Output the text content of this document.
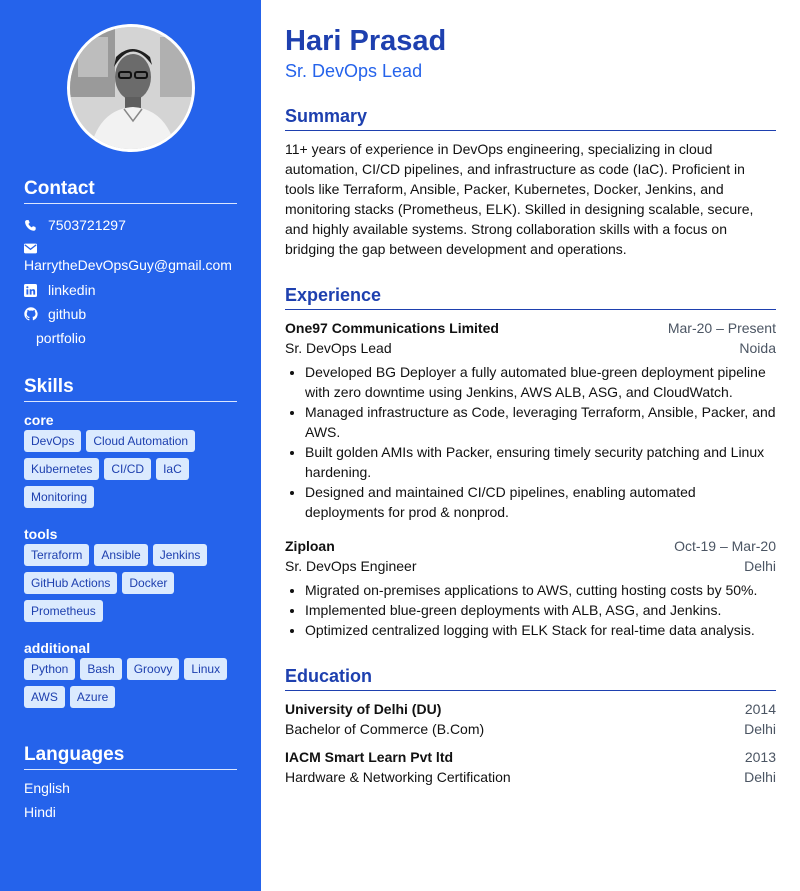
Contact
7503721297
HarrytheDevOpsGuy@gmail.com
linkedin
github
portfolio
Skills
core
DevOps	Cloud Automation
Kubernetes	CI/CD	IaC
Monitoring
tools
Terraform	Ansible	Jenkins
GitHub Actions	Docker
Prometheus
additional
Python	Bash	Groovy	Linux
AWS	Azure
Languages
English
Hindi
Hari Prasad
Sr. DevOps Lead
Summary
11+ years of experience in DevOps engineering, specializing in cloud automation, CI/CD pipelines, and infrastructure as code (IaC). Proficient in tools like Terraform, Ansible, Packer, Kubernetes, Docker, Jenkins, and monitoring stacks (Prometheus, ELK). Skilled in designing scalable, secure, and highly available systems. Strong collaboration skills with a focus on bridging the gap between development and operations.
Experience
One97 Communications Limited	Mar-20 – Present
Sr. DevOps Lead	Noida
• Developed BG Deployer a fully automated blue-green deployment pipeline with zero downtime using Jenkins, AWS ALB, ASG, and CloudWatch.
• Managed infrastructure as Code, leveraging Terraform, Ansible, Packer, and AWS.
• Built golden AMIs with Packer, ensuring timely security patching and Linux hardening.
• Designed and maintained CI/CD pipelines, enabling automated deployments for prod & nonprod.
Ziploan	Oct-19 – Mar-20
Sr. DevOps Engineer	Delhi
• Migrated on-premises applications to AWS, cutting hosting costs by 50%.
• Implemented blue-green deployments with ALB, ASG, and Jenkins.
• Optimized centralized logging with ELK Stack for real-time data analysis.
Education
University of Delhi (DU)	2014
Bachelor of Commerce (B.Com)	Delhi
IACM Smart Learn Pvt ltd	2013
Hardware & Networking Certification	Delhi
